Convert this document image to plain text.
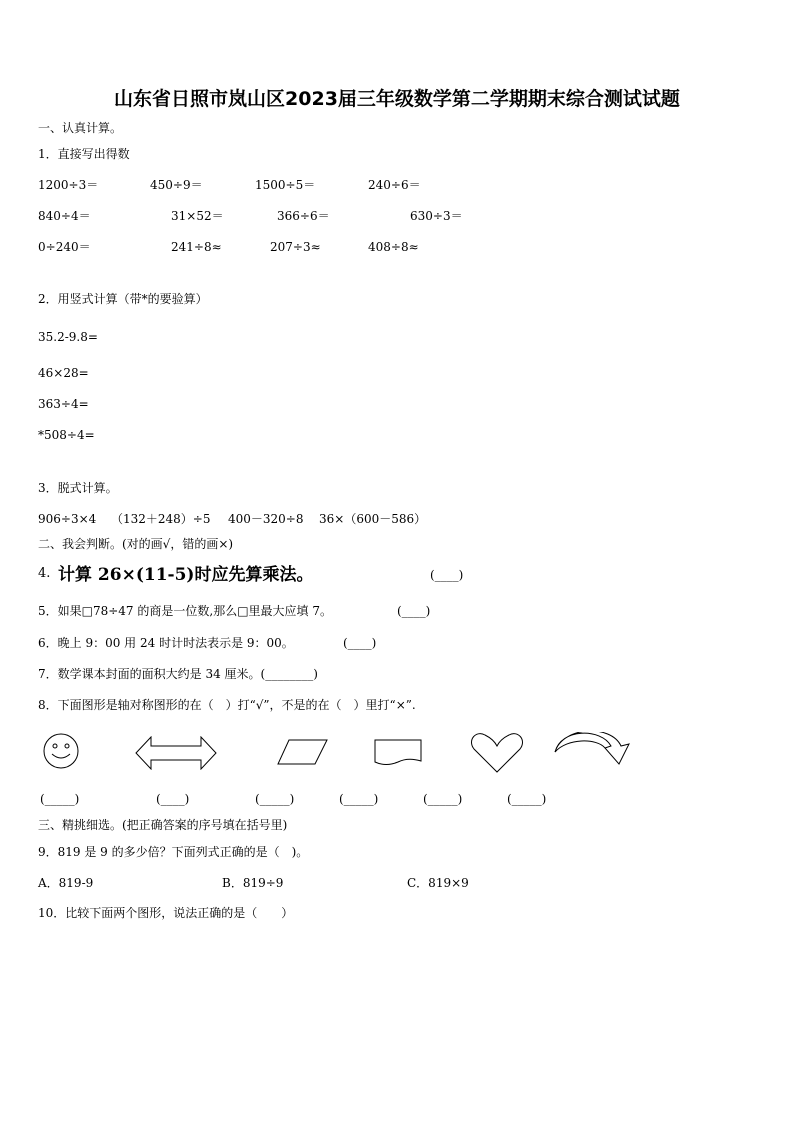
山东省日照市岚山区2023届三年级数学第二学期期末综合测试试题
一、认真计算。
1．直接写出得数
1200÷3＝	450÷9＝	1500÷5＝	240÷6＝
840÷4＝	31×52＝	366÷6＝	630÷3＝
0÷240＝	241÷8≈	207÷3≈	408÷8≈
2．用竖式计算（带*的要验算）
35.2-9.8=
46×28=
363÷4=
*508÷4=
3．脱式计算。
906÷3×4 （132＋248）÷5 400－320÷8 36×（600－586）
二、我会判断。(对的画√，错的画×)
4. 计算 26×(11-5)时应先算乘法。	(____)
5．如果□78÷47 的商是一位数,那么□里最大应填 7。	(____)
6．晚上 9：00 用 24 时计时法表示是 9：00。	(____)
7．数学课本封面的面积大约是 34 厘米。(________)
8．下面图形是轴对称图形的在（　）打“√”，不是的在（　）里打“×”.
(_____)	(____)	(_____)	(_____)	(_____)	(_____)
三、精挑细选。(把正确答案的序号填在括号里)
9．819 是 9 的多少倍？下面列式正确的是（　)。
A．819-9	B．819÷9	C．819×9
10．比较下面两个图形，说法正确的是（　　）
